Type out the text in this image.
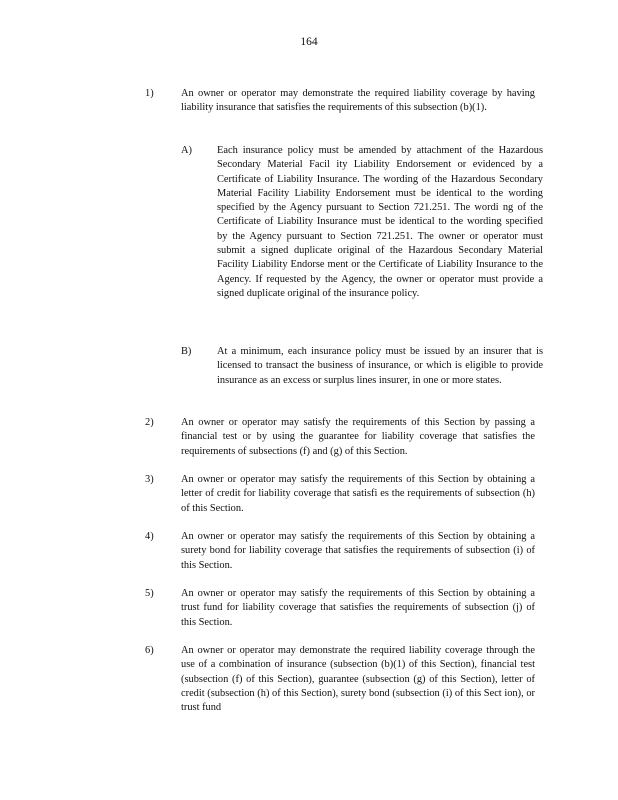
164
1)	An owner or operator may demonstrate the required liability coverage by having liability insurance that satisfies the requirements of this subsection (b)(1).
A) Each insurance policy must be amended by attachment of the Hazardous Secondary Material Facil ity Liability Endorsement or evidenced by a Certificate of Liability Insurance. The wording of the Hazardous Secondary Material Facility Liability Endorsement must be identical to the wording specified by the Agency pursuant to Section 721.251. The wordi ng of the Certificate of Liability Insurance must be identical to the wording specified by the Agency pursuant to Section 721.251. The owner or operator must submit a signed duplicate original of the Hazardous Secondary Material Facility Liability Endorse ment or the Certificate of Liability Insurance to the Agency. If requested by the Agency, the owner or operator must provide a signed duplicate original of the insurance policy.
B) At a minimum, each insurance policy must be issued by an insurer that is licensed to transact the business of insurance, or which is eligible to provide insurance as an excess or surplus lines insurer, in one or more states.
2)	An owner or operator may satisfy the requirements of this Section by passing a financial test or by using the guarantee for liability coverage that satisfies the requirements of subsections (f) and (g) of this Section.
3)	An owner or operator may satisfy the requirements of this Section by obtaining a letter of credit for liability coverage that satisfi es the requirements of subsection (h) of this Section.
4)	An owner or operator may satisfy the requirements of this Section by obtaining a surety bond for liability coverage that satisfies the requirements of subsection (i) of this Section.
5)	An owner or operator may satisfy the requirements of this Section by obtaining a trust fund for liability coverage that satisfies the requirements of subsection (j) of this Section.
6)	An owner or operator may demonstrate the required liability coverage through the use of a combination of insurance (subsection (b)(1) of this Section), financial test (subsection (f) of this Section), guarantee (subsection (g) of this Section), letter of credit (subsection (h) of this Section), surety bond (subsection (i) of this Sect ion), or trust fund
